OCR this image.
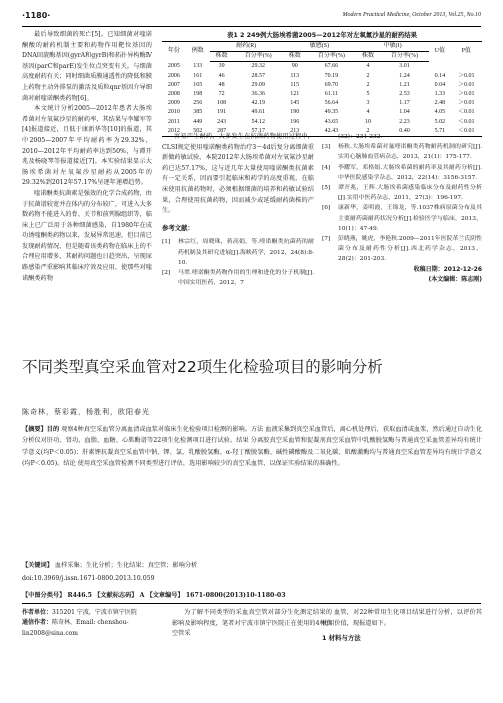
·1180·	Modern Practical Medicine, October 2013, Vol.25, No.10

最后导致细菌的死亡[5]。已知细菌对喹诺酮酸的耐药机制主要和药物作用靶位基因的DNA回旋酶基因(gyrA和gyrB)和拓扑异构酶Ⅳ基因(parC和parE)发生位点突变有关。与细菌高度耐药有关；同时细菌质膜通透性的降低和膜上药物主动外排泵的激活及质粒qnr基因介导细菌对耐喹诺酮类药物[6]。

本文统计分析2005—2012年患者大肠埃希菌对左氧氟沙星的耐药率，其结果与李耀军等[4]报道接近，且低于康新华等[10]的报道，其中2005—2007年平均耐药率为29.32%，2010—2012年平均耐药率达到50%，与谭开兆及杨晓琴等报道接近[7]。本实验结果显示大肠埃希菌对左氧氟沙星耐药从2005年的29.32%到2012年57.17%呈逐年递增趋势。

喹诺酮类抗菌素是强效的化学合成药物，由于抗菌谱较宽并在体内的分布较广，可进入大多数药物不能进入的骨、关节和前列腺组织等，临床上已广泛用于各种细菌感染，自1980年在成功诱喹酮类药物以来，发展异常迅速，但目前已发现耐药情况，但是随着该类药物在临床上的不合理应用增多，其耐药问题也日趋突出，呈现尿路感染严重影响其临床疗效及应用，使那些对喹诺酮类药物

表1 2 249例大肠埃希菌2005—2012年对左氧氟沙星的耐药结果
年份	例数	耐药(R)		敏感(S)		中敏(I)		U值	P值
		株数	百分率(%)	株数	百分率(%)	株数	百分率(%)		
2005	133	39	29.32	90	67.66	4	3.01		
2006	161	46	28.57	113	70.19	2	1.24	0.14	＞0.01
2007	165	48	29.09	115	69.70	2	1.21	0.04	＞0.01
2008	198	72	36.36	121	61.11	5	2.53	1.33	＞0.01
2009	256	108	42.19	145	56.64	3	1.17	2.48	＞0.01
2010	385	191	49.61	190	49.35	4	1.04	4.05	＜0.01
2011	449	243	54.12	196	43.65	10	2.23	5.02	＜0.01
2012	502	287	57.17	213	42.43	2	0.40	5.71	＜0.01

容易产生耐药，大多发生在抗菌药物使用过程中，CLSI规定使用喹诺酮类药物治疗3～4d后复分离细菌重新做药敏试验，本院2012年大肠埃希菌对左氧氟沙星耐药已达57.17%，这与近几年大量使用喹诺酮类抗菌素有一定关系，因而要引起临床和药学的高度重视，在临床使用抗菌药物时，必须根据细菌的培养和药敏试验结果，合理使用抗菌药物，因而减少或延缓耐药菌株的产生。

参考文献：
[1]	林宗红，周晓珠，蒋高娟，等.喹诺酮类抗菌药的耐药机制及其研究进展[J].海峡药学，2012，24(8):8-10.
[2]	马翠.喹诺酮类药物作用的生理和进化的分子机制[J].中国实用医药，2012，7
(32)：231-232.
[3]	杨秋.大肠埃希菌对氟喹诺酮类药物耐药机制的研究[J].实用心脑肺血管病杂志，2013，21(1)：175-177.
[4]	李耀军，邓格娟.大肠埃希菌的耐药率及其耐药分析[J].中华医院感染学杂志，2012，22(14)：3156-3157.
[5]	谭开兆，王辉.大肠埃希菌感染临床分布及耐药性分析[J].实用中医药杂志，2011，27(3)：196-197.
[6]	康新华，姜明霞，王锦龙，等.1037株病原菌分布及其主要耐药菌耐药状况分析[J].检验医学与临床，2013，10(1)：47-49.
[7]	彭晓燕，姚虎，李艳秋.2009—2011年医院革兰氏阴性菌分布及耐药性分析[J].西北药学杂志，2013，28(2)：201-203.
收稿日期：2012-12-26
(本文编辑：陈志刚)
不同类型真空采血管对22项生化检验项目的影响分析
陈奇林，蔡彩霞，杨胜利，欧阳春光
【摘要】目的 观察4种真空采血管分离血清或血浆对临床生化检验项目检测的影响。方法 血液采集到真空采血管后，离心机处理后，获取血清或血浆，然后通过自动生化分析仪对肝功、肾功、血脂、血糖、心肌酶谱等22项生化检测项目进行试验。结果 分离胶真空采血管和促凝剂真空采血管中乳酸脱氢酶与普通真空采血管差异均有统计学意义(均P＜0.05)；肝素锂抗凝真空采血管中钠、钾、氯、乳酸脱氢酶、α-羟丁酸脱氢酶、碱性磷酸酶及二氧化碳、肌酸激酶均与普通真空采血管差异均有统计学意义(均P＜0.05)。结论 使用真空采血管检测不同类型进行评估，选用影响较少的真空采血管，以保证实验结果的准确性。
【关键词】 血样采集；生化分析；生化结果；真空管；影响分析
doi:10.3969/j.issn.1671-0800.2013.10.059
【中图分类号】 R446.5 【文献标志码】 A 【文章编号】 1671-0800(2013)10-1180-03
作者单位：315201 宁波，宁波市镇宁医院
通信作者：陈奇林，Email: chenshou-lin2008@sina.com

为了解不同类型的采血真空管对部分生化测定结果的影响及影响程度，笔者对宁波市镇宁医院正在使用的4种真空管采

血管，对22种常用生化项目结果进行分析，以评价其使用价值，现报道如下。

1 材料与方法
